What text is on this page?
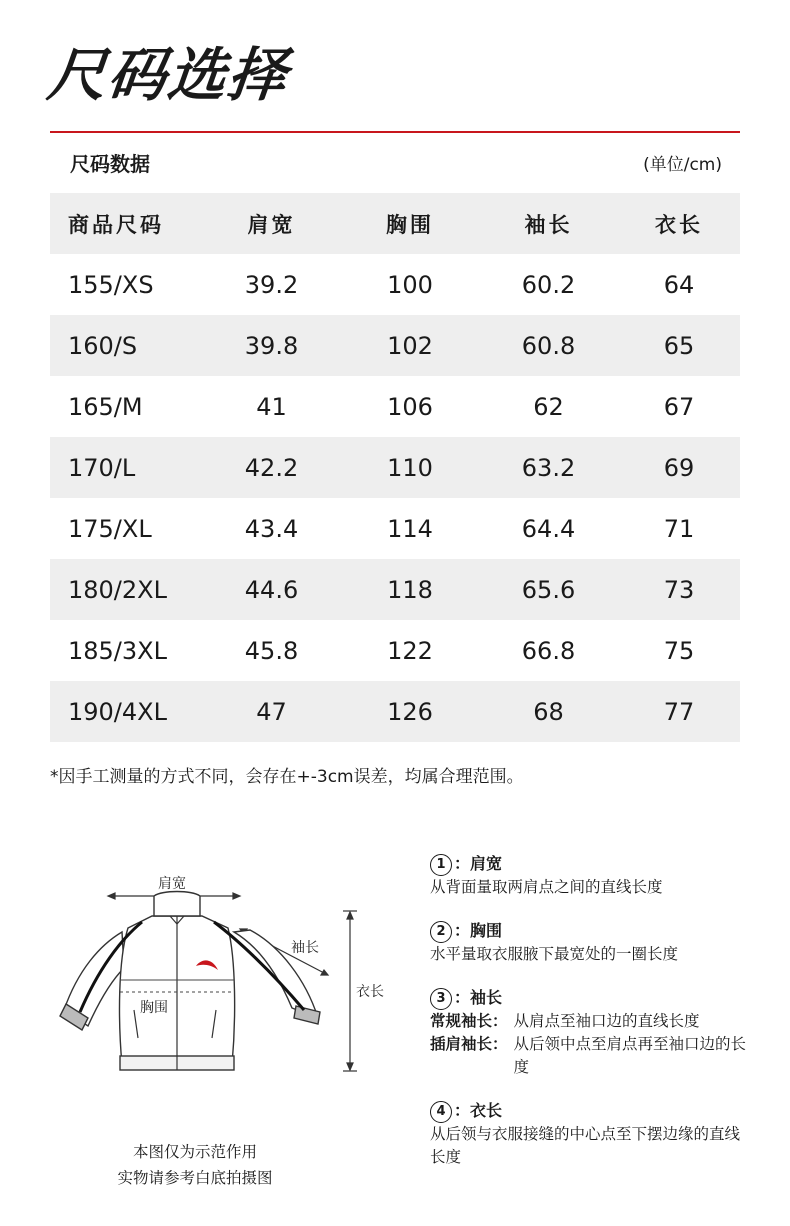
尺码选择
尺码数据	(单位/cm)
商品尺码	肩宽	胸围	袖长	衣长
155/XS	39.2	100	60.2	64
160/S	39.8	102	60.8	65
165/M	41	106	62	67
170/L	42.2	110	63.2	69
175/XL	43.4	114	64.4	71
180/2XL	44.6	118	65.6	73
185/3XL	45.8	122	66.8	75
190/4XL	47	126	68	77
*因手工测量的方式不同，会存在+-3cm误差，均属合理范围。
肩宽
袖长
衣长
胸围
本图仅为示范作用
实物请参考白底拍摄图
1 ：肩宽
从背面量取两肩点之间的直线长度
2 ：胸围
水平量取衣服腋下最宽处的一圈长度
3 ：袖长
常规袖长： 从肩点至袖口边的直线长度
插肩袖长： 从后领中点至肩点再至袖口边的长度
4 ：衣长
从后领与衣服接缝的中心点至下摆边缘的直线长度
